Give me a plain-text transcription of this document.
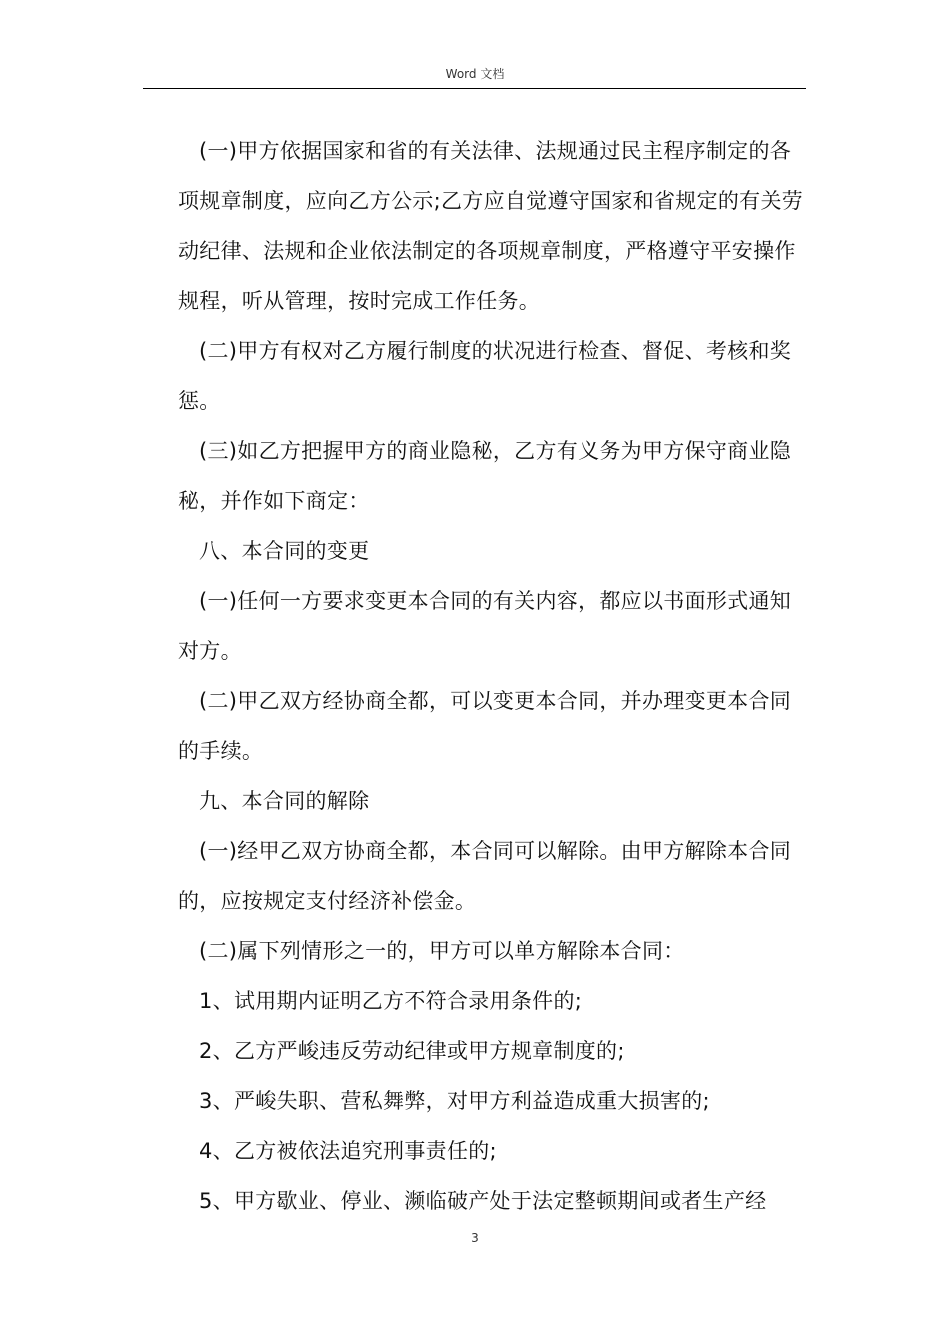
Word 文档

(一)甲方依据国家和省的有关法律、法规通过民主程序制定的各项规章制度，应向乙方公示;乙方应自觉遵守国家和省规定的有关劳动纪律、法规和企业依法制定的各项规章制度，严格遵守平安操作规程，听从管理，按时完成工作任务。

(二)甲方有权对乙方履行制度的状况进行检查、督促、考核和奖惩。

(三)如乙方把握甲方的商业隐秘，乙方有义务为甲方保守商业隐秘，并作如下商定：

八、本合同的变更

(一)任何一方要求变更本合同的有关内容，都应以书面形式通知对方。

(二)甲乙双方经协商全都，可以变更本合同，并办理变更本合同的手续。

九、本合同的解除

(一)经甲乙双方协商全都，本合同可以解除。由甲方解除本合同的，应按规定支付经济补偿金。

(二)属下列情形之一的，甲方可以单方解除本合同：

1、试用期内证明乙方不符合录用条件的;

2、乙方严峻违反劳动纪律或甲方规章制度的;

3、严峻失职、营私舞弊，对甲方利益造成重大损害的;

4、乙方被依法追究刑事责任的;

5、甲方歇业、停业、濒临破产处于法定整顿期间或者生产经

3
